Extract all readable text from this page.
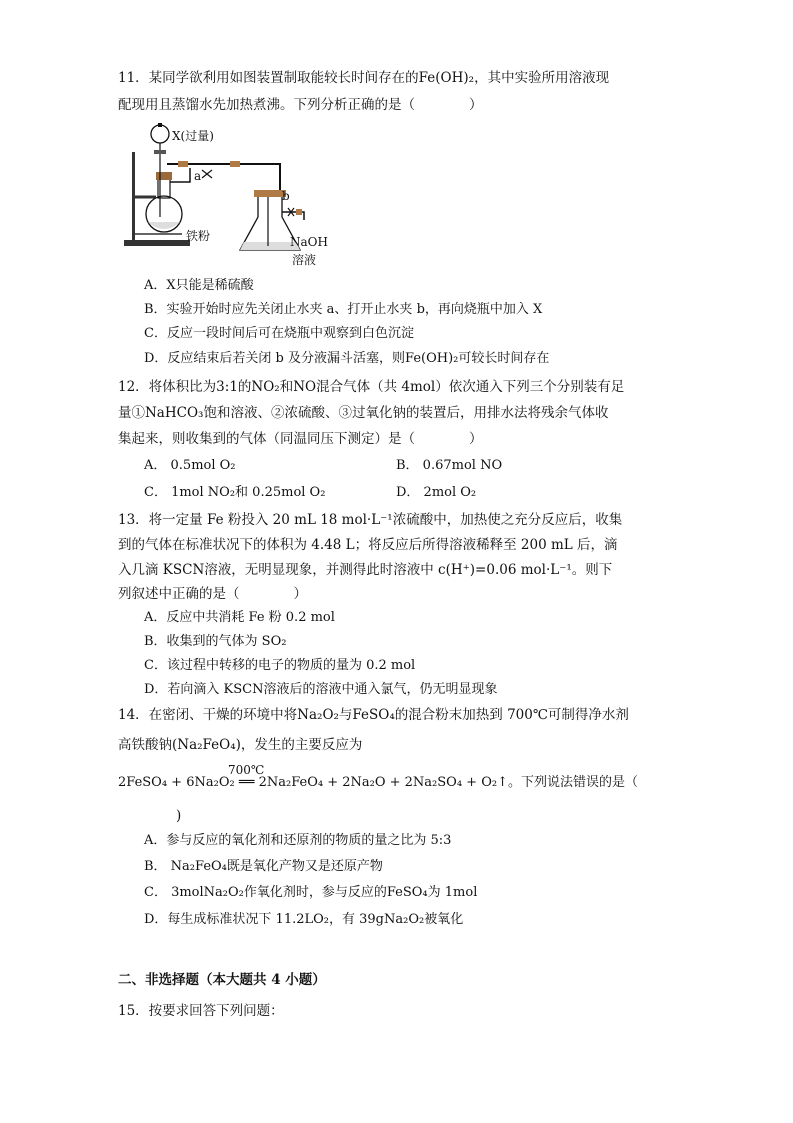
11．某同学欲利用如图装置制取能较长时间存在的Fe(OH)₂，其中实验所用溶液现
配现用且蒸馏水先加热煮沸。下列分析正确的是（　　　　）
X(过量)
a
b
铁粉	NaOH
溶液
A．X只能是稀硫酸
B．实验开始时应先关闭止水夹 a、打开止水夹 b，再向烧瓶中加入 X
C．反应一段时间后可在烧瓶中观察到白色沉淀
D．反应结束后若关闭 b 及分液漏斗活塞，则Fe(OH)₂可较长时间存在
12．将体积比为3:1的NO₂和NO混合气体（共 4mol）依次通入下列三个分别装有足
量①NaHCO₃饱和溶液、②浓硫酸、③过氧化钠的装置后，用排水法将残余气体收
集起来，则收集到的气体（同温同压下测定）是（　　　　）
A． 0.5mol O₂	B． 0.67mol NO
C． 1mol NO₂和 0.25mol O₂	D． 2mol O₂
13．将一定量 Fe 粉投入 20 mL 18 mol·L⁻¹浓硫酸中，加热使之充分反应后，收集
到的气体在标准状况下的体积为 4.48 L；将反应后所得溶液稀释至 200 mL 后，滴
入几滴 KSCN溶液，无明显现象，并测得此时溶液中 c(H⁺)=0.06 mol·L⁻¹。则下
列叙述中正确的是（　　　　）
A．反应中共消耗 Fe 粉 0.2 mol
B．收集到的气体为 SO₂
C．该过程中转移的电子的物质的量为 0.2 mol
D．若向滴入 KSCN溶液后的溶液中通入氯气，仍无明显现象
14．在密闭、干燥的环境中将Na₂O₂与FeSO₄的混合粉末加热到 700℃可制得净水剂
高铁酸钠(Na₂FeO₄)，发生的主要反应为
700℃
2FeSO₄ + 6Na₂O₂ ══ 2Na₂FeO₄ + 2Na₂O + 2Na₂SO₄ + O₂↑。下列说法错误的是（
)
A．参与反应的氧化剂和还原剂的物质的量之比为 5:3
B． Na₂FeO₄既是氧化产物又是还原产物
C． 3molNa₂O₂作氧化剂时，参与反应的FeSO₄为 1mol
D．每生成标准状况下 11.2LO₂，有 39gNa₂O₂被氧化
二、非选择题（本大题共 4 小题）
15．按要求回答下列问题：
